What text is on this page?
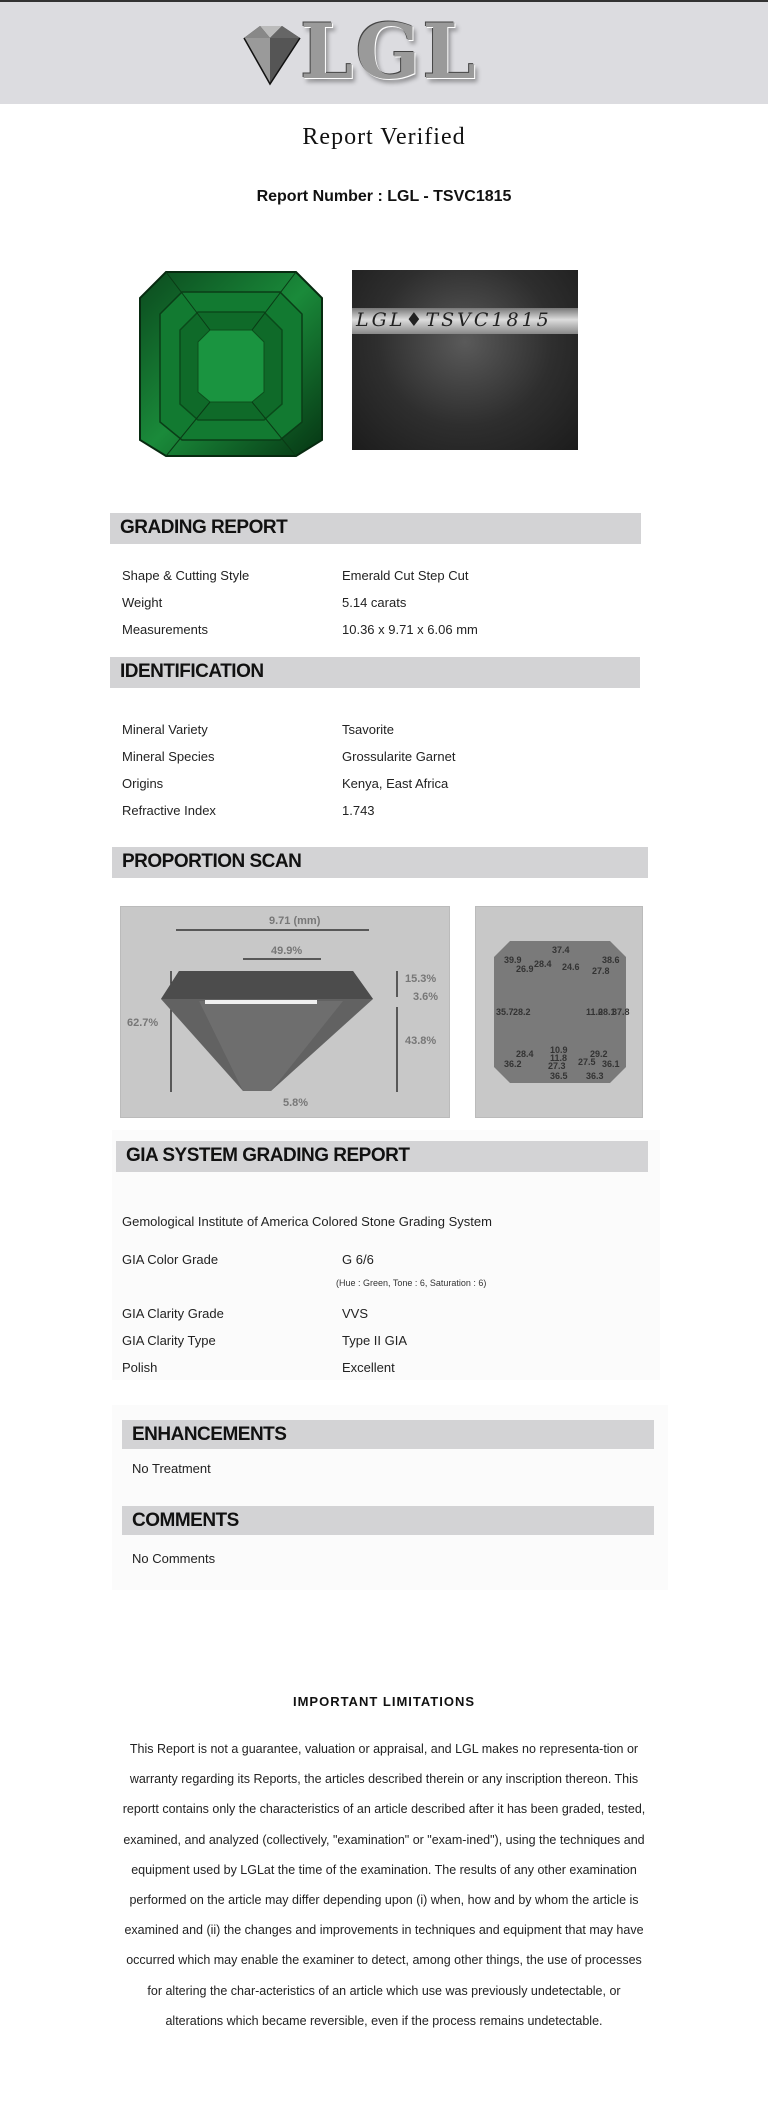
LGL
Report Verified
Report Number : LGL - TSVC1815
LGL♦TSVC1815
GRADING REPORT
Shape & Cutting Style	Emerald Cut Step Cut
Weight	5.14 carats
Measurements	10.36 x 9.71 x 6.06 mm
IDENTIFICATION
Mineral Variety	Tsavorite
Mineral Species	Grossularite Garnet
Origins	Kenya, East Africa
Refractive Index	1.743
PROPORTION SCAN
9.71 (mm)
49.9%
15.3%
3.6%
43.8%
62.7%
5.8%
39.9
26.9 28.4
37.4
24.6
38.6
27.8
35.7 28.2	11.0
28.1
37.8
28.4 10.9
11.8
27.3
29.2
27.5
36.2
36.5 36.3
36.1
GIA SYSTEM GRADING REPORT
Gemological Institute of America Colored Stone Grading System
GIA Color Grade	G 6/6
(Hue : Green, Tone : 6, Saturation : 6)
GIA Clarity Grade	VVS
GIA Clarity Type	Type II GIA
Polish	Excellent
ENHANCEMENTS
No Treatment
COMMENTS
No Comments
IMPORTANT LIMITATIONS
This Report is not a guarantee, valuation or appraisal, and LGL makes no representa-tion or warranty regarding its Reports, the articles described therein or any inscription thereon. This reportt contains only the characteristics of an article described after it has been graded, tested, examined, and analyzed (collectively, "examination" or "exam-ined"), using the techniques and equipment used by LGLat the time of the examination. The results of any other examination performed on the article may differ depending upon (i) when, how and by whom the article is examined and (ii) the changes and improvements in techniques and equipment that may have occurred which may enable the examiner to detect, among other things, the use of processes for altering the char-acteristics of an article which use was previously undetectable, or alterations which became reversible, even if the process remains undetectable.
